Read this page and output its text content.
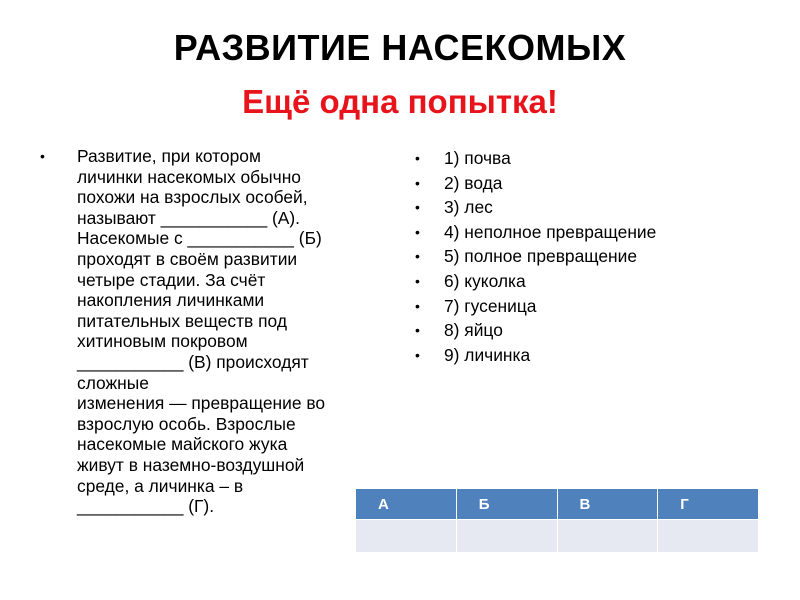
РАЗВИТИЕ НАСЕКОМЫХ
Ещё одна попытка!
•	Развитие, при котором
личинки насекомых обычно
похожи на взрослых особей,
называют ___________ (А).
Насекомые с ___________ (Б)
проходят в своём развитии
четыре стадии. За счёт
накопления личинками
питательных веществ под
хитиновым покровом
___________ (В) происходят
сложные
изменения — превращение во
взрослую особь. Взрослые
насекомые майского жука
живут в наземно-воздушной
среде, а личинка – в
___________ (Г).
•	1) почва
•	2) вода
•	3) лес
•	4) неполное превращение
•	5) полное превращение
•	6) куколка
•	7) гусеница
•	8) яйцо
•	9) личинка
А	Б	В	Г
